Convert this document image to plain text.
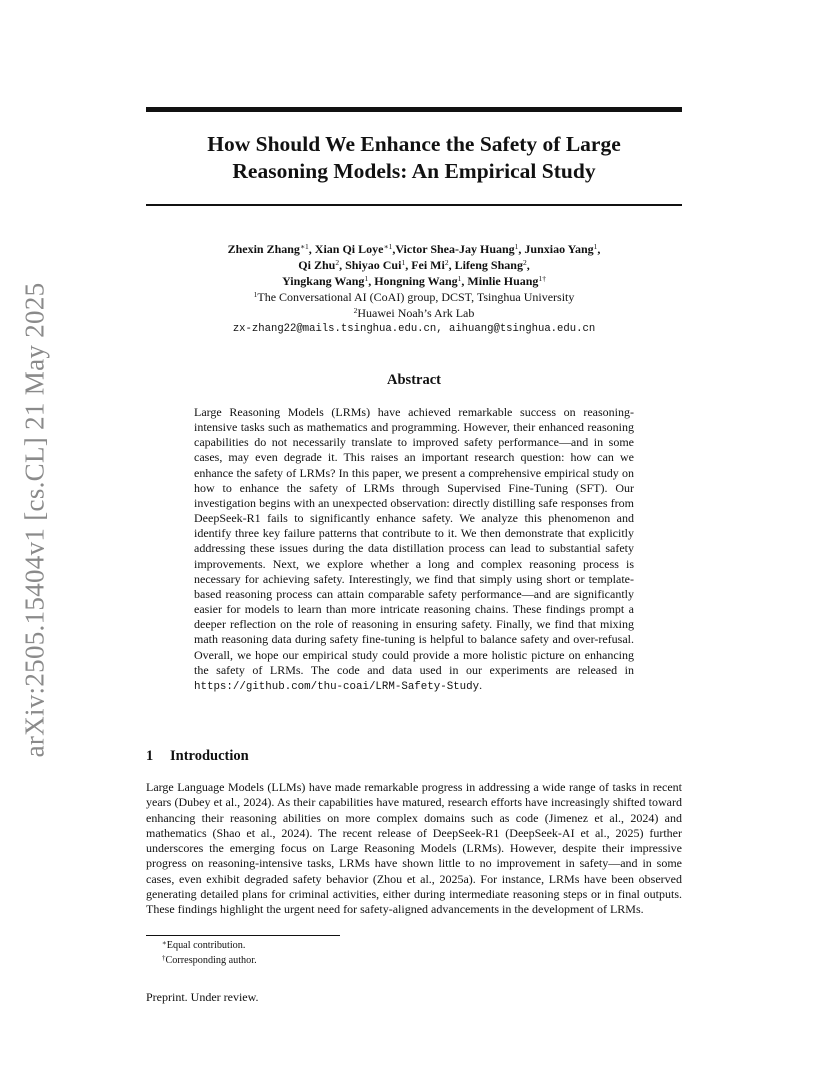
arXiv:2505.15404v1 [cs.CL] 21 May 2025
How Should We Enhance the Safety of Large
Reasoning Models: An Empirical Study
Zhexin Zhang$^{∗1}$, Xian Qi Loye$^{∗1}$,Victor Shea-Jay Huang$^1$, Junxiao Yang$^1$,
Qi Zhu$^2$, Shiyao Cui$^1$, Fei Mi$^2$, Lifeng Shang$^2$,
Yingkang Wang$^1$, Hongning Wang$^1$, Minlie Huang$^{1\dagger}$
$^1$The Conversational AI (CoAI) group, DCST, Tsinghua University
$^2$Huawei Noah’s Ark Lab
zx-zhang22@mails.tsinghua.edu.cn, aihuang@tsinghua.edu.cn
Abstract

Large Reasoning Models (LRMs) have achieved remarkable success on reasoning-intensive tasks such as mathematics and programming. However, their enhanced reasoning capabilities do not necessarily translate to improved safety performance—and in some cases, may even degrade it. This raises an important research question: how can we enhance the safety of LRMs? In this paper, we present a comprehensive empirical study on how to enhance the safety of LRMs through Supervised Fine-Tuning (SFT). Our investigation begins with an unexpected observation: directly distilling safe responses from DeepSeek-R1 fails to significantly enhance safety. We analyze this phenomenon and identify three key failure patterns that contribute to it. We then demonstrate that explicitly addressing these issues during the data distillation process can lead to substantial safety improvements. Next, we explore whether a long and complex reasoning process is necessary for achieving safety. Interestingly, we find that simply using short or template-based reasoning process can attain comparable safety performance—and are significantly easier for models to learn than more intricate reasoning chains. These findings prompt a deeper reflection on the role of reasoning in ensuring safety. Finally, we find that mixing math reasoning data during safety fine-tuning is helpful to balance safety and over-refusal. Overall, we hope our empirical study could provide a more holistic picture on enhancing the safety of LRMs. The code and data used in our experiments are released in https://github.com/thu-coai/LRM-Safety-Study.

1 Introduction

Large Language Models (LLMs) have made remarkable progress in addressing a wide range of tasks in recent years (Dubey et al., 2024). As their capabilities have matured, research efforts have increasingly shifted toward enhancing their reasoning abilities on more complex domains such as code (Jimenez et al., 2024) and mathematics (Shao et al., 2024). The recent release of DeepSeek-R1 (DeepSeek-AI et al., 2025) further underscores the emerging focus on Large Reasoning Models (LRMs). However, despite their impressive progress on reasoning-intensive tasks, LRMs have shown little to no improvement in safety—and in some cases, even exhibit degraded safety behavior (Zhou et al., 2025a). For instance, LRMs have been observed generating detailed plans for criminal activities, either during intermediate reasoning steps or in final outputs. These findings highlight the urgent need for safety-aligned advancements in the development of LRMs.

∗Equal contribution.
†Corresponding author.
Preprint. Under review.
